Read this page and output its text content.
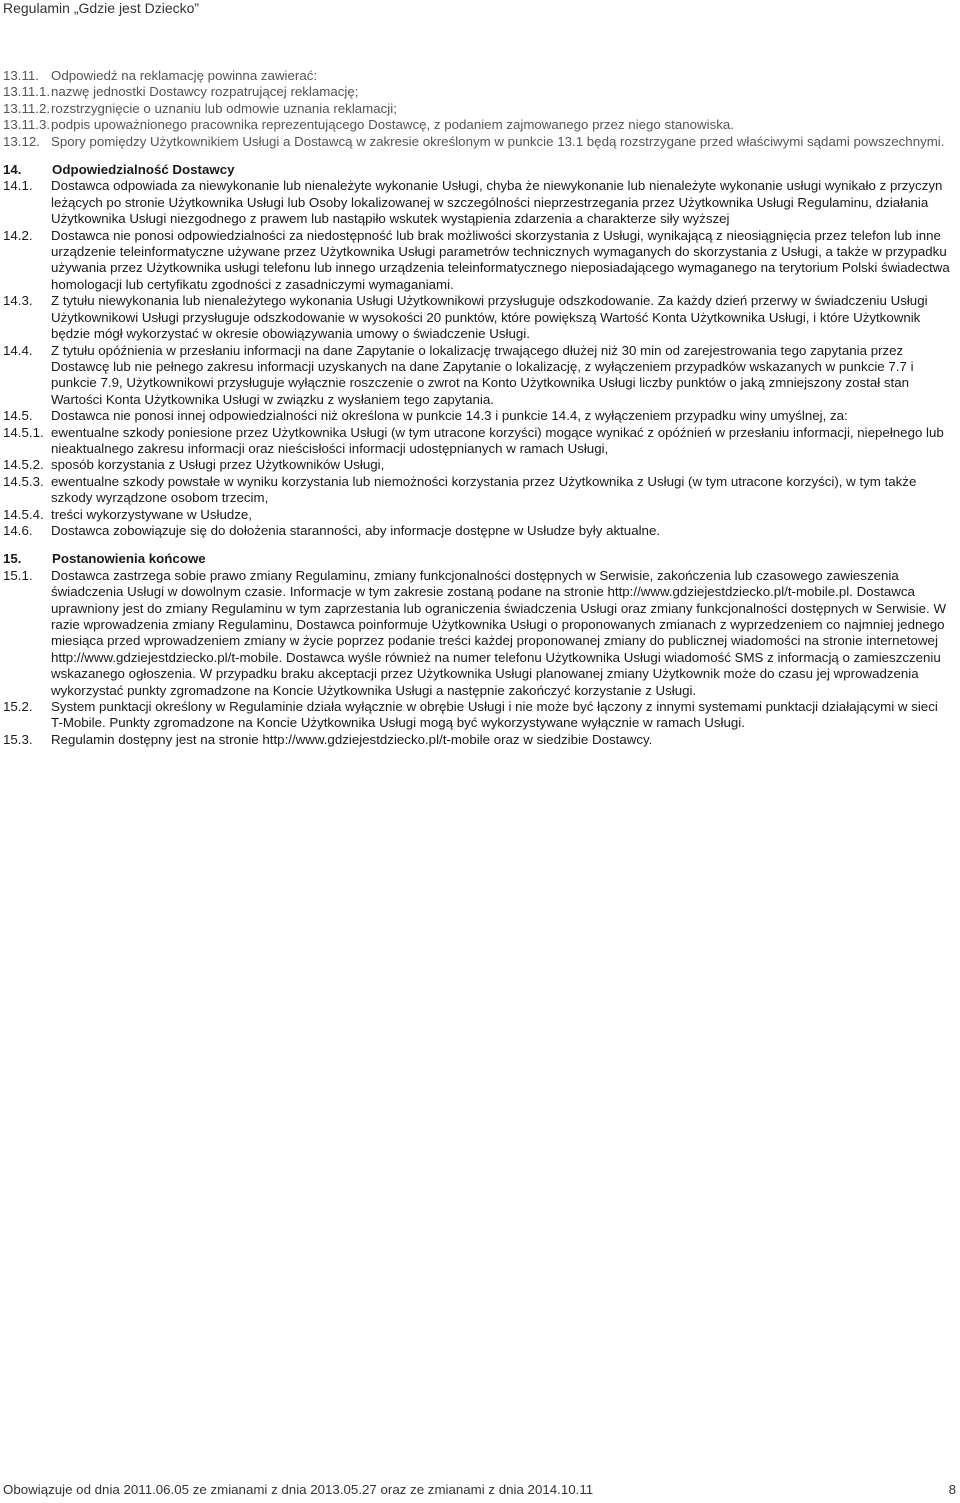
Regulamin „Gdzie jest Dziecko”
13.11. Odpowiedź na reklamację powinna zawierać:
13.11.1. nazwę jednostki Dostawcy rozpatrującej reklamację;
13.11.2. rozstrzygnięcie o uznaniu lub odmowie uznania reklamacji;
13.11.3. podpis upoważnionego pracownika reprezentującego Dostawcę, z podaniem zajmowanego przez niego stanowiska.
13.12. Spory pomiędzy Użytkownikiem Usługi a Dostawcą w zakresie określonym w punkcie 13.1 będą rozstrzygane przed właściwymi sądami powszechnymi.
14.	Odpowiedzialność Dostawcy
14.1.	Dostawca odpowiada za niewykonanie lub nienależyte wykonanie Usługi, chyba że niewykonanie lub nienależyte wykonanie usługi wynikało z przyczyn leżących po stronie Użytkownika Usługi lub Osoby lokalizowanej w szczególności nieprzestrzegania przez Użytkownika Usługi Regulaminu, działania Użytkownika Usługi niezgodnego z prawem lub nastąpiło wskutek wystąpienia zdarzenia a charakterze siły wyższej
14.2.	Dostawca nie ponosi odpowiedzialności za niedostępność lub brak możliwości skorzystania z Usługi, wynikającą z nieosiągnięcia przez telefon lub inne urządzenie teleinformatyczne używane przez Użytkownika Usługi parametrów technicznych wymaganych do skorzystania z Usługi, a także w przypadku używania przez Użytkownika usługi telefonu lub innego urządzenia teleinformatycznego nieposiadającego wymaganego na terytorium Polski świadectwa homologacji lub certyfikatu zgodności z zasadniczymi wymaganiami.
14.3.	Z tytułu niewykonania lub nienależytego wykonania Usługi Użytkownikowi przysługuje odszkodowanie. Za każdy dzień przerwy w świadczeniu Usługi Użytkownikowi Usługi przysługuje odszkodowanie w wysokości 20 punktów, które powiększą Wartość Konta Użytkownika Usługi, i które Użytkownik będzie mógł wykorzystać w okresie obowiązywania umowy o świadczenie Usługi.
14.4.	Z tytułu opóźnienia w przesłaniu informacji na dane Zapytanie o lokalizację trwającego dłużej niż 30 min od zarejestrowania tego zapytania przez Dostawcę lub nie pełnego zakresu informacji uzyskanych na dane Zapytanie o lokalizację, z wyłączeniem przypadków wskazanych w punkcie 7.7 i punkcie 7.9, Użytkownikowi przysługuje wyłącznie roszczenie o zwrot na Konto Użytkownika Usługi liczby punktów o jaką zmniejszony został stan Wartości Konta Użytkownika Usługi w związku z wysłaniem tego zapytania.
14.5.	Dostawca nie ponosi innej odpowiedzialności niż określona w punkcie 14.3 i punkcie 14.4, z wyłączeniem przypadku winy umyślnej, za:
14.5.1. ewentualne szkody poniesione przez Użytkownika Usługi (w tym utracone korzyści) mogące wynikać z opóźnień w przesłaniu informacji, niepełnego lub nieaktualnego zakresu informacji oraz nieścisłości informacji udostępnianych w ramach Usługi,
14.5.2. sposób korzystania z Usługi przez Użytkowników Usługi,
14.5.3. ewentualne szkody powstałe w wyniku korzystania lub niemożności korzystania przez Użytkownika z Usługi (w tym utracone korzyści), w tym także szkody wyrządzone osobom trzecim,
14.5.4. treści wykorzystywane w Usłudze,
14.6.	Dostawca zobowiązuje się do dołożenia staranności, aby informacje dostępne w Usłudze były aktualne.
15.	Postanowienia końcowe
15.1.	Dostawca zastrzega sobie prawo zmiany Regulaminu, zmiany funkcjonalności dostępnych w Serwisie, zakończenia lub czasowego zawieszenia świadczenia Usługi w dowolnym czasie. Informacje w tym zakresie zostaną podane na stronie http://www.gdziejestdziecko.pl/t-mobile.pl. Dostawca uprawniony jest do zmiany Regulaminu w tym zaprzestania lub ograniczenia świadczenia Usługi oraz zmiany funkcjonalności dostępnych w Serwisie. W razie wprowadzenia zmiany Regulaminu, Dostawca poinformuje Użytkownika Usługi o proponowanych zmianach z wyprzedzeniem co najmniej jednego miesiąca przed wprowadzeniem zmiany w życie poprzez podanie treści każdej proponowanej zmiany do publicznej wiadomości na stronie internetowej http://www.gdziejestdziecko.pl/t-mobile. Dostawca wyśle również na numer telefonu Użytkownika Usługi wiadomość SMS z informacją o zamieszczeniu wskazanego ogłoszenia. W przypadku braku akceptacji przez Użytkownika Usługi planowanej zmiany Użytkownik może do czasu jej wprowadzenia wykorzystać punkty zgromadzone na Koncie Użytkownika Usługi a następnie zakończyć korzystanie z Usługi.
15.2.	System punktacji określony w Regulaminie działa wyłącznie w obrębie Usługi i nie może być łączony z innymi systemami punktacji działającymi w sieci T-Mobile. Punkty zgromadzone na Koncie Użytkownika Usługi mogą być wykorzystywane wyłącznie w ramach Usługi.
15.3.	Regulamin dostępny jest na stronie http://www.gdziejestdziecko.pl/t-mobile oraz w siedzibie Dostawcy.
Obowiązuje od dnia 2011.06.05 ze zmianami z dnia 2013.05.27 oraz ze zmianami z dnia 2014.10.11	8
